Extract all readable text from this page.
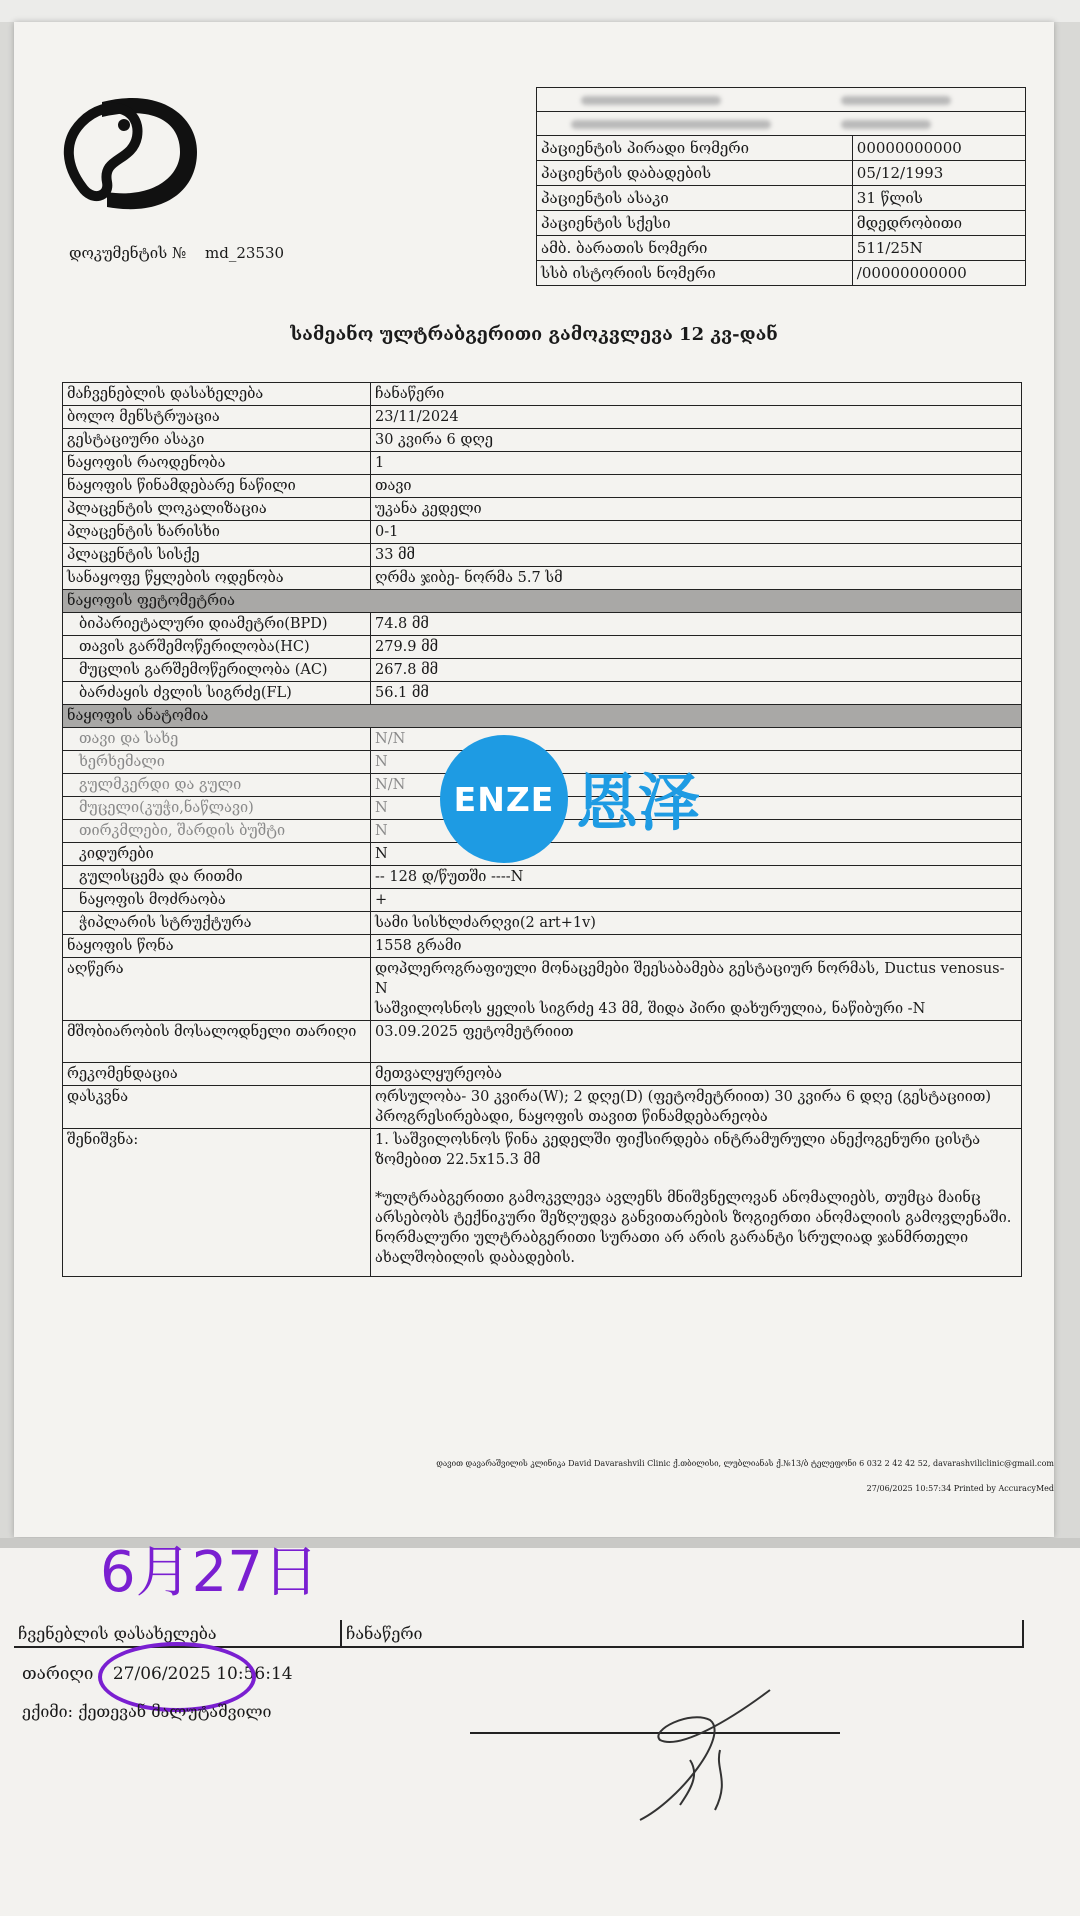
დოკუმენტის № md_23530

პაციენტის პირადი ნომერი	00000000000
პაციენტის დაბადების	05/12/1993
პაციენტის ასაკი	31 წლის
პაციენტის სქესი	მდედრობითი
ამბ. ბარათის ნომერი	511/25N
სსბ ისტორიის ნომერი	/00000000000
სამეანო ულტრაბგერითი გამოკვლევა 12 კვ-დან
მაჩვენებლის დასახელება	ჩანაწერი
ბოლო მენსტრუაცია	23/11/2024
გესტაციური ასაკი	30 კვირა 6 დღე
ნაყოფის რაოდენობა	1
ნაყოფის წინამდებარე ნაწილი	თავი
პლაცენტის ლოკალიზაცია	უკანა კედელი
პლაცენტის ხარისხი	0-1
პლაცენტის სისქე	33 მმ
სანაყოფე წყლების ოდენობა	ღრმა ჯიბე- ნორმა 5.7 სმ
ნაყოფის ფეტომეტრია	
ბიპარიეტალური დიამეტრი(BPD)	74.8 მმ
თავის გარშემოწერილობა(HC)	279.9 მმ
მუცლის გარშემოწერილობა (AC)	267.8 მმ
ბარძაყის ძვლის სიგრძე(FL)	56.1 მმ
ნაყოფის ანატომია	
თავი და სახე	N/N
ხერხემალი	N
გულმკერდი და გული	N/N
მუცელი(კუჭი,ნაწლავი)	N
თირკმლები, შარდის ბუშტი	N
კიდურები	N
გულისცემა და რითმი	-- 128 დ/წუთში ----N
ნაყოფის მოძრაობა	+
ჭიპლარის სტრუქტურა	სამი სისხლძარღვი(2 art+1v)
ნაყოფის წონა	1558 გრამი
აღწერა	დოპლეროგრაფიული მონაცემები შეესაბამება გესტაციურ ნორმას, Ductus venosus-N
საშვილოსნოს ყელის სიგრძე 43 მმ, შიდა პირი დახურულია, ნაწიბური -N

მშობიარობის მოსალოდნელი თარიღი	03.09.2025 ფეტომეტრიით
რეკომენდაცია	მეთვალყურეობა
დასკვნა	ორსულობა- 30 კვირა(W); 2 დღე(D) (ფეტომეტრიით) 30 კვირა 6 დღე (გესტაციით) პროგრესირებადი, ნაყოფის თავით წინამდებარეობა
შენიშვნა:	1. საშვილოსნოს წინა კედელში ფიქსირდება ინტრამურული ანექოგენური ცისტა ზომებით 22.5x15.3 მმ
*ულტრაბგერითი გამოკვლევა ავლენს მნიშვნელოვან ანომალიებს, თუმცა მაინც არსებობს ტექნიკური შეზღუდვა განვითარების ზოგიერთი ანომალიის გამოვლენაში. ნორმალური ულტრაბგერითი სურათი არ არის გარანტი სრულიად ჯანმრთელი ახალშობილის დაბადების.
დავით დავარაშვილის კლინიკა David Davarashvili Clinic ქ.თბილისი, ლუბლიანას ქ.№13/ბ ტელეფონი 6 032 2 42 42 52, davarashviliclinic@gmail.com
27/06/2025 10:57:34 Printed by AccuracyMed
ENZE 恩泽
6月27日
ჩვენებლის დასახელება	ჩანაწერი
თარიღი 27/06/2025 10:56:14
ექიმი: ქეთევან მალუტაშვილი
